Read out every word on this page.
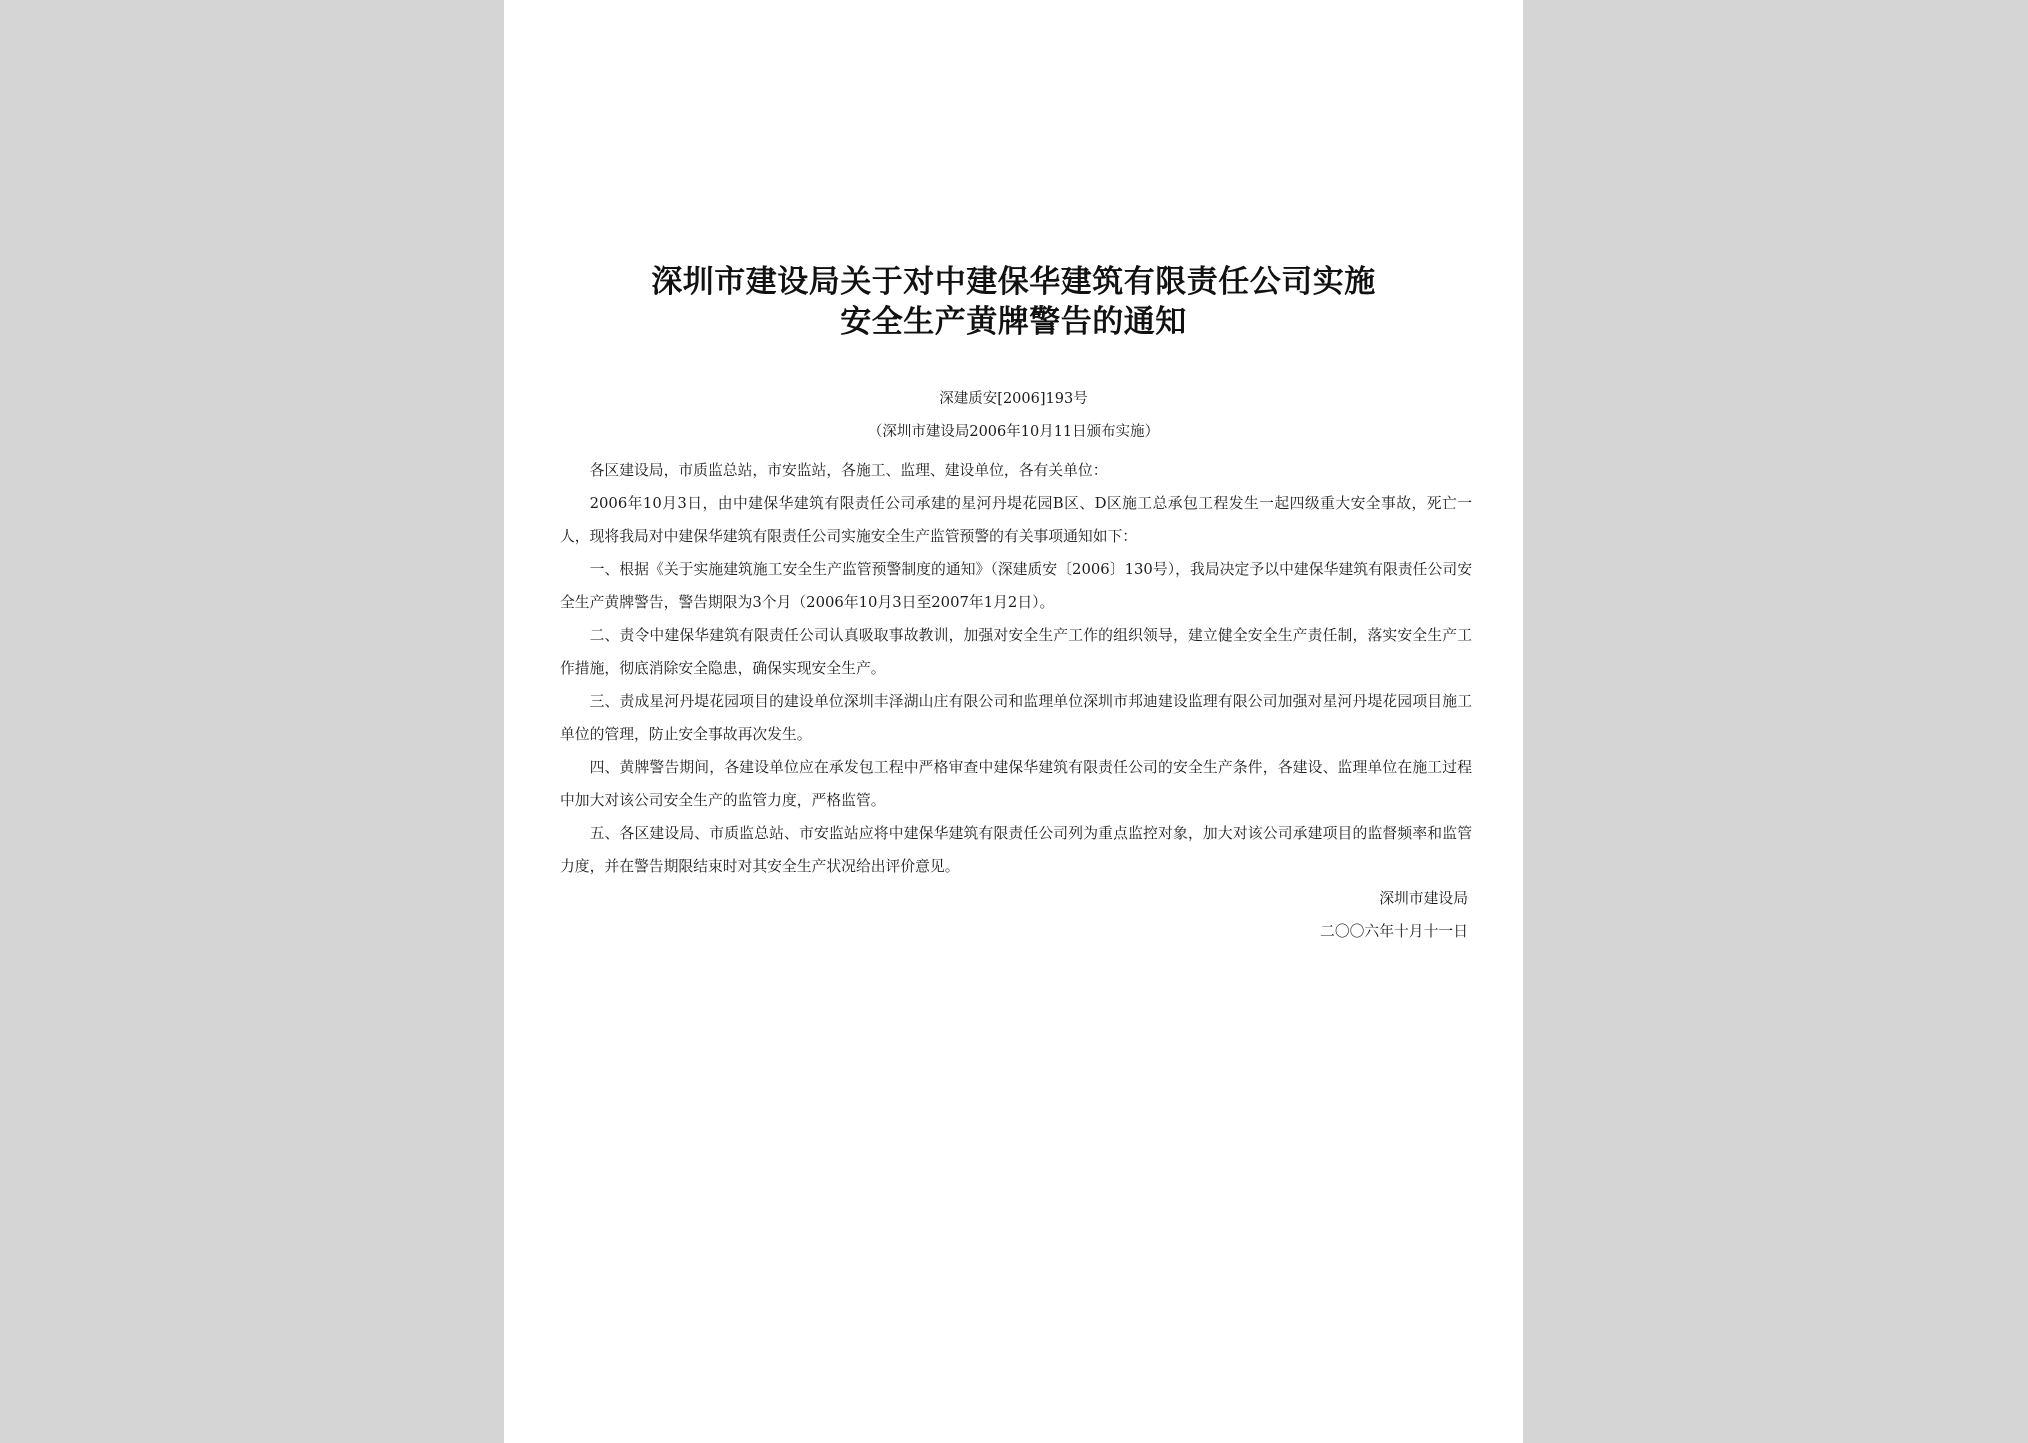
深圳市建设局关于对中建保华建筑有限责任公司实施
安全生产黄牌警告的通知
深建质安[2006]193号
（深圳市建设局2006年10月11日颁布实施）

各区建设局，市质监总站，市安监站，各施工、监理、建设单位，各有关单位：

2006年10月3日，由中建保华建筑有限责任公司承建的星河丹堤花园B区、D区施工总承包工程发生一起四级重大安全事故，死亡一人，现将我局对中建保华建筑有限责任公司实施安全生产监管预警的有关事项通知如下：

一、根据《关于实施建筑施工安全生产监管预警制度的通知》（深建质安〔2006〕130号），我局决定予以中建保华建筑有限责任公司安全生产黄牌警告，警告期限为3个月（2006年10月3日至2007年1月2日）。

二、责令中建保华建筑有限责任公司认真吸取事故教训，加强对安全生产工作的组织领导，建立健全安全生产责任制，落实安全生产工作措施，彻底消除安全隐患，确保实现安全生产。

三、责成星河丹堤花园项目的建设单位深圳丰泽湖山庄有限公司和监理单位深圳市邦迪建设监理有限公司加强对星河丹堤花园项目施工单位的管理，防止安全事故再次发生。

四、黄牌警告期间，各建设单位应在承发包工程中严格审查中建保华建筑有限责任公司的安全生产条件，各建设、监理单位在施工过程中加大对该公司安全生产的监管力度，严格监管。

五、各区建设局、市质监总站、市安监站应将中建保华建筑有限责任公司列为重点监控对象，加大对该公司承建项目的监督频率和监管力度，并在警告期限结束时对其安全生产状况给出评价意见。

深圳市建设局
二〇〇六年十月十一日
